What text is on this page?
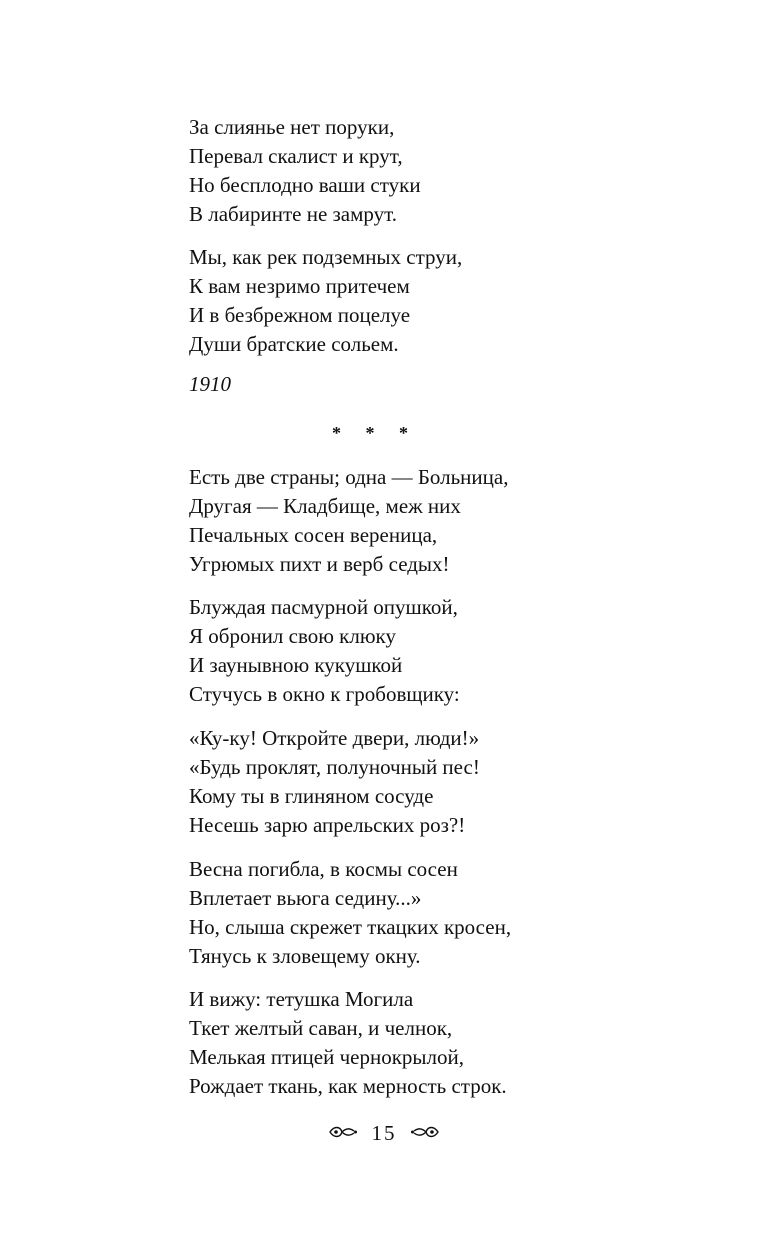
За слиянье нет поруки,
Перевал скалист и крут,
Но бесплодно ваши стуки
В лабиринте не замрут.
Мы, как рек подземных струи,
К вам незримо притечем
И в безбрежном поцелуе
Души братские сольем.
1910
* * *
Есть две страны; одна — Больница,
Другая — Кладбище, меж них
Печальных сосен вереница,
Угрюмых пихт и верб седых!
Блуждая пасмурной опушкой,
Я обронил свою клюку
И заунывною кукушкой
Стучусь в окно к гробовщику:
«Ку-ку! Откройте двери, люди!»
«Будь проклят, полуночный пес!
Кому ты в глиняном сосуде
Несешь зарю апрельских роз?!
Весна погибла, в космы сосен
Вплетает вьюга седину...»
Но, слыша скрежет ткацких кросен,
Тянусь к зловещему окну.
И вижу: тетушка Могила
Ткет желтый саван, и челнок,
Мелькая птицей чернокрылой,
Рождает ткань, как мерность строк.
15
